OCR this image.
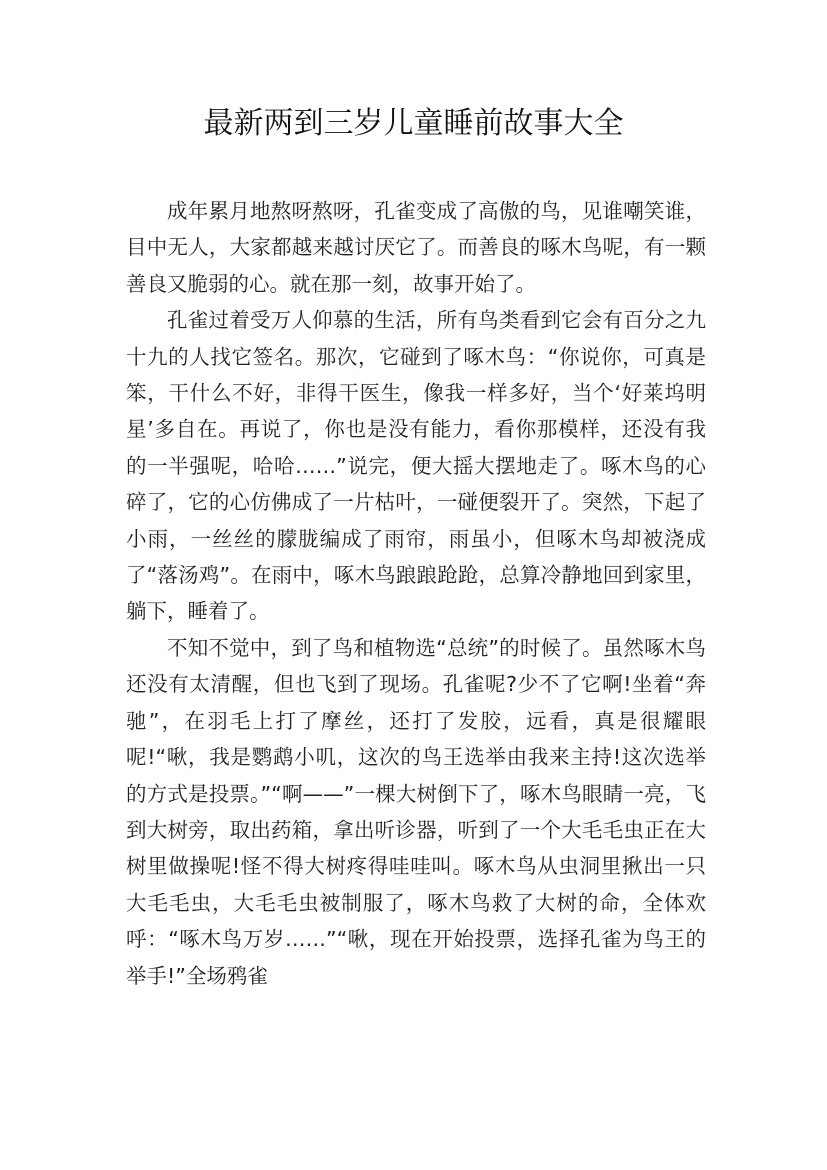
最新两到三岁儿童睡前故事大全

成年累月地熬呀熬呀，孔雀变成了高傲的鸟，见谁嘲笑谁，目中无人，大家都越来越讨厌它了。而善良的啄木鸟呢，有一颗善良又脆弱的心。就在那一刻，故事开始了。

孔雀过着受万人仰慕的生活，所有鸟类看到它会有百分之九十九的人找它签名。那次，它碰到了啄木鸟：“你说你，可真是笨，干什么不好，非得干医生，像我一样多好，当个‘好莱坞明星’多自在。再说了，你也是没有能力，看你那模样，还没有我的一半强呢，哈哈……”说完，便大摇大摆地走了。啄木鸟的心碎了，它的心仿佛成了一片枯叶，一碰便裂开了。突然，下起了小雨，一丝丝的朦胧编成了雨帘，雨虽小，但啄木鸟却被浇成了“落汤鸡”。在雨中，啄木鸟踉踉跄跄，总算冷静地回到家里，躺下，睡着了。

不知不觉中，到了鸟和植物选“总统”的时候了。虽然啄木鸟还没有太清醒，但也飞到了现场。孔雀呢?少不了它啊!坐着“奔驰”，在羽毛上打了摩丝，还打了发胶，远看，真是很耀眼呢!“啾，我是鹦鹉小叽，这次的鸟王选举由我来主持!这次选举的方式是投票。”“啊——”一棵大树倒下了，啄木鸟眼睛一亮，飞到大树旁，取出药箱，拿出听诊器，听到了一个大毛毛虫正在大树里做操呢!怪不得大树疼得哇哇叫。啄木鸟从虫洞里揪出一只大毛毛虫，大毛毛虫被制服了，啄木鸟救了大树的命，全体欢呼：“啄木鸟万岁……”“啾，现在开始投票，选择孔雀为鸟王的举手!”全场鸦雀
